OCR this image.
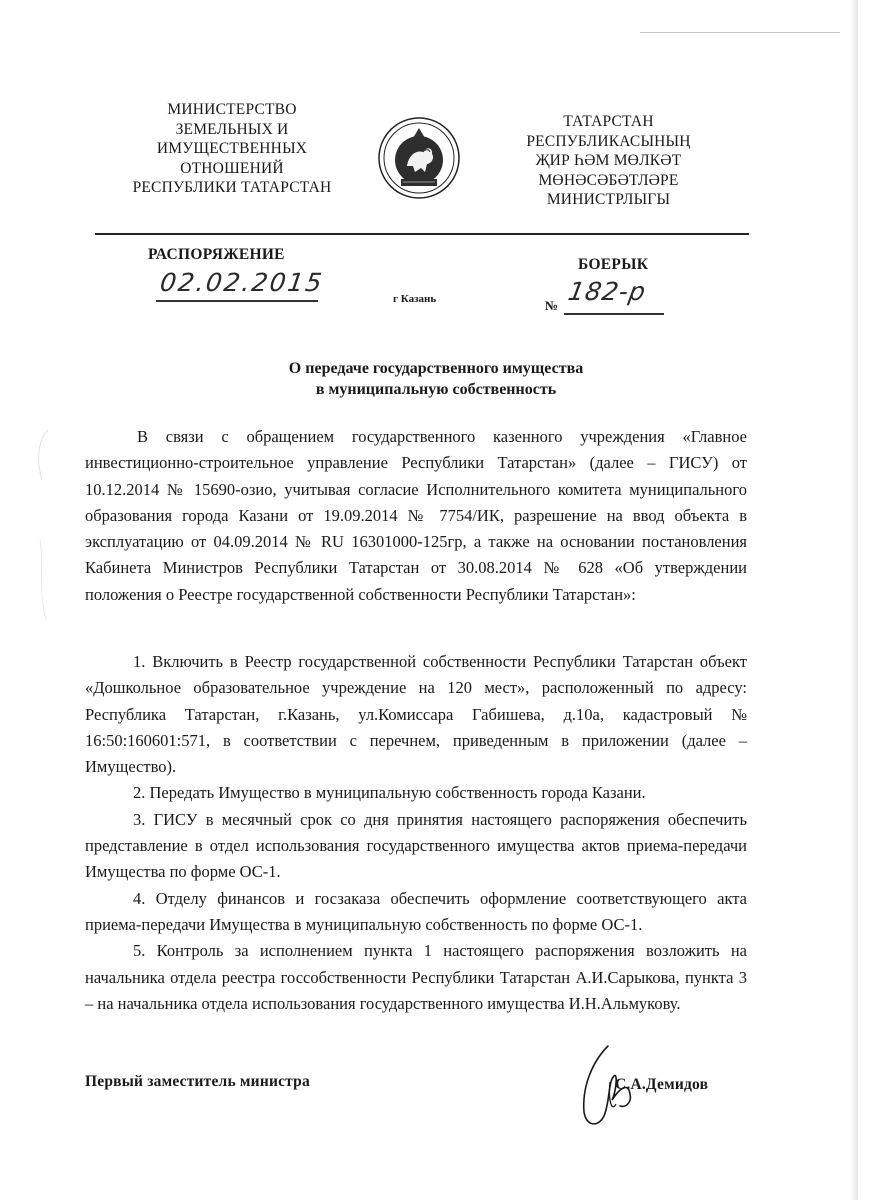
МИНИСТЕРСТВО
ЗЕМЕЛЬНЫХ И
ИМУЩЕСТВЕННЫХ
ОТНОШЕНИЙ
РЕСПУБЛИКИ ТАТАРСТАН
ТАТАРСТАН
РЕСПУБЛИКАСЫНЫҢ
ҖИР ҺӘМ МӨЛКӘТ
МӨНӘСӘБӘТЛӘРЕ
МИНИСТРЛЫГЫ
РАСПОРЯЖЕНИЕ
02.02.2015
г Казань
БОЕРЫК
№ 182-р
О передаче государственного имущества
в муниципальную собственность

В связи с обращением государственного казенного учреждения «Главное инвестиционно-строительное управление Республики Татарстан» (далее – ГИСУ) от 10.12.2014 № 15690-озио, учитывая согласие Исполнительного комитета муниципального образования города Казани от 19.09.2014 № 7754/ИК, разрешение на ввод объекта в эксплуатацию от 04.09.2014 № RU 16301000-125гр, а также на основании постановления Кабинета Министров Республики Татарстан от 30.08.2014 № 628 «Об утверждении положения о Реестре государственной собственности Республики Татарстан»:

1. Включить в Реестр государственной собственности Республики Татарстан объект «Дошкольное образовательное учреждение на 120 мест», расположенный по адресу: Республика Татарстан, г.Казань, ул.Комиссара Габишева, д.10а, кадастровый № 16:50:160601:571, в соответствии с перечнем, приведенным в приложении (далее – Имущество).

2. Передать Имущество в муниципальную собственность города Казани.

3. ГИСУ в месячный срок со дня принятия настоящего распоряжения обеспечить представление в отдел использования государственного имущества актов приема-передачи Имущества по форме ОС-1.

4. Отделу финансов и госзаказа обеспечить оформление соответствующего акта приема-передачи Имущества в муниципальную собственность по форме ОС-1.

5. Контроль за исполнением пункта 1 настоящего распоряжения возложить на начальника отдела реестра госсобственности Республики Татарстан А.И.Сарыкова, пункта 3 – на начальника отдела использования государственного имущества И.Н.Альмукову.

Первый заместитель министра	С.А.Демидов
